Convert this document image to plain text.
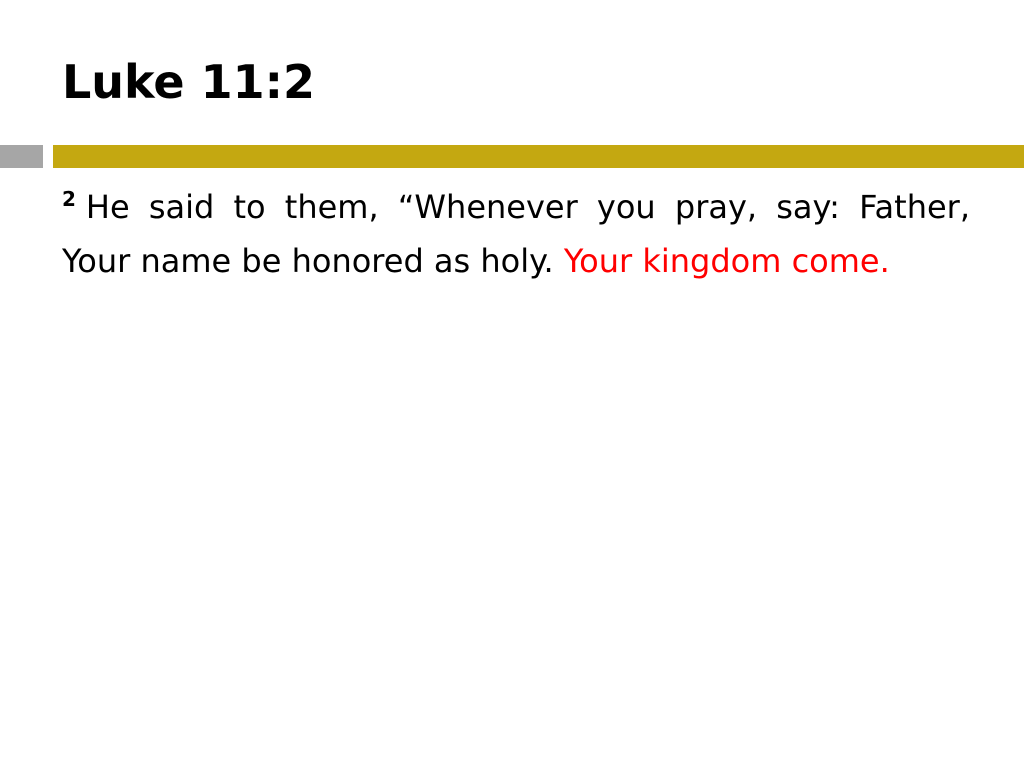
Luke 11:2

$^2$ He said to them, “Whenever you pray, say: Father, Your name be honored as holy. Your kingdom come.
